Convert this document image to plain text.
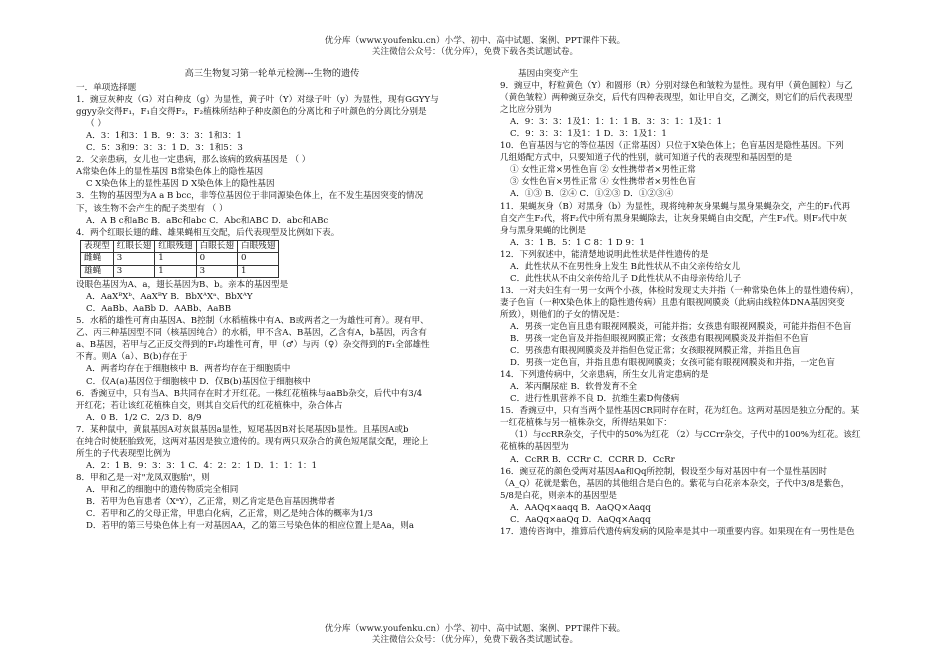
优分库（www.youfenku.cn）小学、初中、高中试题、案例、PPT课件下载。
关注微信公众号：（优分库），免费下载各类试题试卷。

高三生物复习第一轮单元检测---生物的遗传

一．单项选择题

1．豌豆灰种皮（G）对白种皮（g）为显性，黄子叶（Y）对绿子叶（y）为显性，现有GGYY与

ggyy杂交得F₁，F₁自交得F₂，F₂植株所结种子种皮颜色的分离比和子叶颜色的分离比分别是

（ ）

A．3：1和3：1 B．9：3：3：1和3：1

C．5：3和9：3：3：1 D．3：1和5：3

2．父亲患病，女儿也一定患病，那么该病的致病基因是 （ ）

A常染色体上的显性基因 B常染色体上的隐性基因

C X染色体上的显性基因 D X染色体上的隐性基因

3．生物的基因型为A a B bcc，非等位基因位于非同源染色体上，在不发生基因突变的情况

下，该生物不会产生的配子类型有 （ ）

A．A B c和aBc B．aBc和abc C．Abc和ABC D．abc和ABc

4．两个红眼长翅的雌、雄果蝇相互交配，后代表现型及比例如下表。

表现型	红眼长翅	红眼残翅	白眼长翅	白眼残翅
雌蝇	3	1	0	0
雄蝇	3	1	3	1

设眼色基因为A、a，翅长基因为B、b。亲本的基因型是

A．AaXᴮXᵇ、AaXᴮY B．BbXᴬXᵃ、BbXᴬY

C．AaBb、AaBb D．AABb、AaBB

5．水稻的雄性可育由基因A、B控制（水稻植株中有A、B或两者之一为雄性可育）。现有甲、

乙、丙三种基因型不同（核基因纯合）的水稻，甲不含A、B基因，乙含有A，b基因，丙含有

a、B基因，若甲与乙正反交得到的F₁均雄性可育，甲（♂）与丙（♀）杂交得到的F₁全部雄性

不育。则A（a）、B(b)存在于

A．两者均存在于细胞核中 B．两者均存在于细胞质中

C．仅A(a)基因位于细胞核中 D．仅B(b)基因位于细胞核中

6．香豌豆中，只有当A、B共同存在时才开红花。一株红花植株与aaBb杂交，后代中有3/4

开红花；若让该红花植株自交，则其自交后代的红花植株中，杂合体占

A．0 B．1/2 C．2/3 D．8/9

7．某种鼠中，黄鼠基因A对灰鼠基因a显性，短尾基因B对长尾基因b显性。且基因A或b

在纯合时使胚胎致死，这两对基因是独立遗传的。现有两只双杂合的黄色短尾鼠交配，理论上

所生的子代表现型比例为

A．2：1 B．9：3：3：1 C．4：2：2：1 D．1：1：1：1

8．甲和乙是一对"龙凤双胞胎"，则

A．甲和乙的细胞中的遗传物质完全相同

B．若甲为色盲患者（XᵃY），乙正常，则乙肯定是色盲基因携带者

C．若甲和乙的父母正常，甲患白化病，乙正常，则乙是纯合体的概率为1/3

D．若甲的第三号染色体上有一对基因AA，乙的第三号染色体的相应位置上是Aa，则a

基因由突变产生

9．豌豆中，籽粒黄色（Y）和圆形（R）分别对绿色和皱粒为显性。现有甲（黄色圆粒）与乙

（黄色皱粒）两种豌豆杂交，后代有四种表现型，如让甲自交，乙测交，则它们的后代表现型

之比应分别为

A．9：3：3：1及1：1：1：1 B．3：3：1：1及1：1

C．9：3：3：1及1：1 D．3：1及1：1

10．色盲基因与它的等位基因（正常基因）只位于X染色体上；色盲基因是隐性基因。下列

几组婚配方式中，只要知道子代的性别，就可知道子代的表现型和基因型的是

① 女性正常×男性色盲 ② 女性携带者×男性正常

③ 女性色盲×男性正常 ④ 女性携带者×男性色盲

A．①③ B．②④ C．①②③ D．①②③④

11．果蝇灰身（B）对黑身（b）为显性，现将纯种灰身果蝇与黑身果蝇杂交，产生的F₁代再

自交产生F₂代，将F₂代中所有黑身果蝇除去，让灰身果蝇自由交配，产生F₃代。则F₃代中灰

身与黑身果蝇的比例是

A．3：1 B．5：1 C 8：1 D 9：1

12．下列叙述中，能清楚地说明此性状是伴性遗传的是

A．此性状从不在男性身上发生 B此性状从不由父亲传给女儿

C．此性状从不由父亲传给儿子 D此性状从不由母亲传给儿子

13．一对夫妇生有一男一女两个小孩，体检时发现丈夫并指（一种常染色体上的显性遗传病），

妻子色盲（一种X染色体上的隐性遗传病）且患有眼视网膜炎（此病由线粒体DNA基因突变

所致），则他们的子女的情况是：

A．男孩一定色盲且患有眼视网膜炎，可能并指；女孩患有眼视网膜炎，可能并指但不色盲

B．男孩一定色盲及并指但眼视网膜正常；女孩患有眼视网膜炎及并指但不色盲

C．男孩患有眼视网膜炎及并指但色觉正常；女孩眼视网膜正常，并指且色盲

D．男孩一定色盲，并指且患有眼视网膜炎；女孩可能有眼视网膜炎和并指，一定色盲

14．下列遗传病中，父亲患病，所生女儿肯定患病的是

A．苯丙酮尿症 B．软骨发育不全

C．进行性肌营养不良 D．抗维生素D佝偻病

15．香豌豆中，只有当两个显性基因CR同时存在时，花为红色。这两对基因是独立分配的。某

一红花植株与另一植株杂交，所得结果如下：

（1）与ccRR杂交，子代中的50%为红花 （2）与CCrr杂交，子代中的100%为红花。该红

花植株的基因型为

A．CcRR B．CCRr C．CCRR D．CcRr

16．豌豆花的颜色受两对基因Aa和Qq所控制，假设至少每对基因中有一个显性基因时

（A_Q）花就是紫色，基因的其他组合是白色的。紫花与白花亲本杂交，子代中3/8是紫色，

5/8是白花，则亲本的基因型是

A．AAQq×aaqq B．AaQQ×Aaqq

C．AaQq×aaQq D．AaQq×Aaqq

17．遗传咨询中，推算后代遗传病发病的风险率是其中一项重要内容。如果现在有一男性是色

优分库（www.youfenku.cn）小学、初中、高中试题、案例、PPT课件下载。
关注微信公众号：（优分库），免费下载各类试题试卷。
